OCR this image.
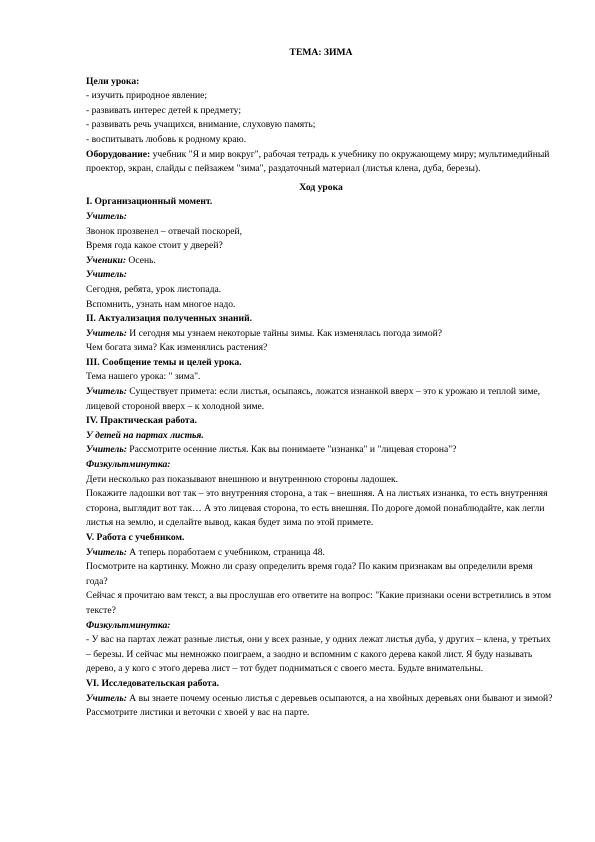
ТЕМА: ЗИМА

Цели урока:

- изучить природное явление;

- развивать интерес детей к предмету;

- развивать речь учащихся, внимание, слуховую память;

- воспитывать любовь к родному краю.

Оборудование: учебник "Я и мир вокруг", рабочая тетрадь к учебнику по окружающему миру; мультимедийный проектор, экран, слайды с пейзажем "зима", раздаточный материал (листья клена, дуба, березы).

Ход урока

I. Организационный момент.

Учитель:

Звонок прозвенел – отвечай поскорей,

Время года какое стоит у дверей?

Ученики: Осень.

Учитель:

Сегодня, ребята, урок листопада.

Вспомнить, узнать нам многое надо.

II. Актуализация полученных знаний.

Учитель: И сегодня мы узнаем некоторые тайны зимы. Как изменялась погода зимой?

Чем богата зима? Как изменялись растения?

III. Сообщение темы и целей урока.

Тема нашего урока: " зима".

Учитель: Существует примета: если листья, осыпаясь, ложатся изнанкой вверх – это к урожаю и теплой зиме, лицевой стороной вверх – к холодной зиме.

IV. Практическая работа.

У детей на партах листья.

Учитель: Рассмотрите осенние листья. Как вы понимаете "изнанка" и "лицевая сторона"?

Физкультминутка:

Дети несколько раз показывают внешнюю и внутреннюю стороны ладошек.

Покажите ладошки вот так – это внутренняя сторона, а так – внешняя. А на листьях изнанка, то есть внутренняя сторона, выглядит вот так… А это лицевая сторона, то есть внешняя. По дороге домой понаблюдайте, как легли листья на землю, и сделайте вывод, какая будет зима по этой примете.

V. Работа с учебником.

Учитель: А теперь поработаем с учебником, страница 48.

Посмотрите на картинку. Можно ли сразу определить время года? По каким признакам вы определили время года?

Сейчас я прочитаю вам текст, а вы прослушав его ответите на вопрос: "Какие признаки осени встретились в этом тексте?

Физкультминутка:

- У вас на партах лежат разные листья, они у всех разные, у одних лежат листья дуба, у других – клена, у третьих – березы. И сейчас мы немножко поиграем, а заодно и вспомним с какого дерева какой лист. Я буду называть дерево, а у кого с этого дерева лист – тот будет подниматься с своего места. Будьте внимательны.

VI. Исследовательская работа.

Учитель: А вы знаете почему осенью листья с деревьев осыпаются, а на хвойных деревьях они бывают и зимой? Рассмотрите листики и веточки с хвоей у вас на парте.
